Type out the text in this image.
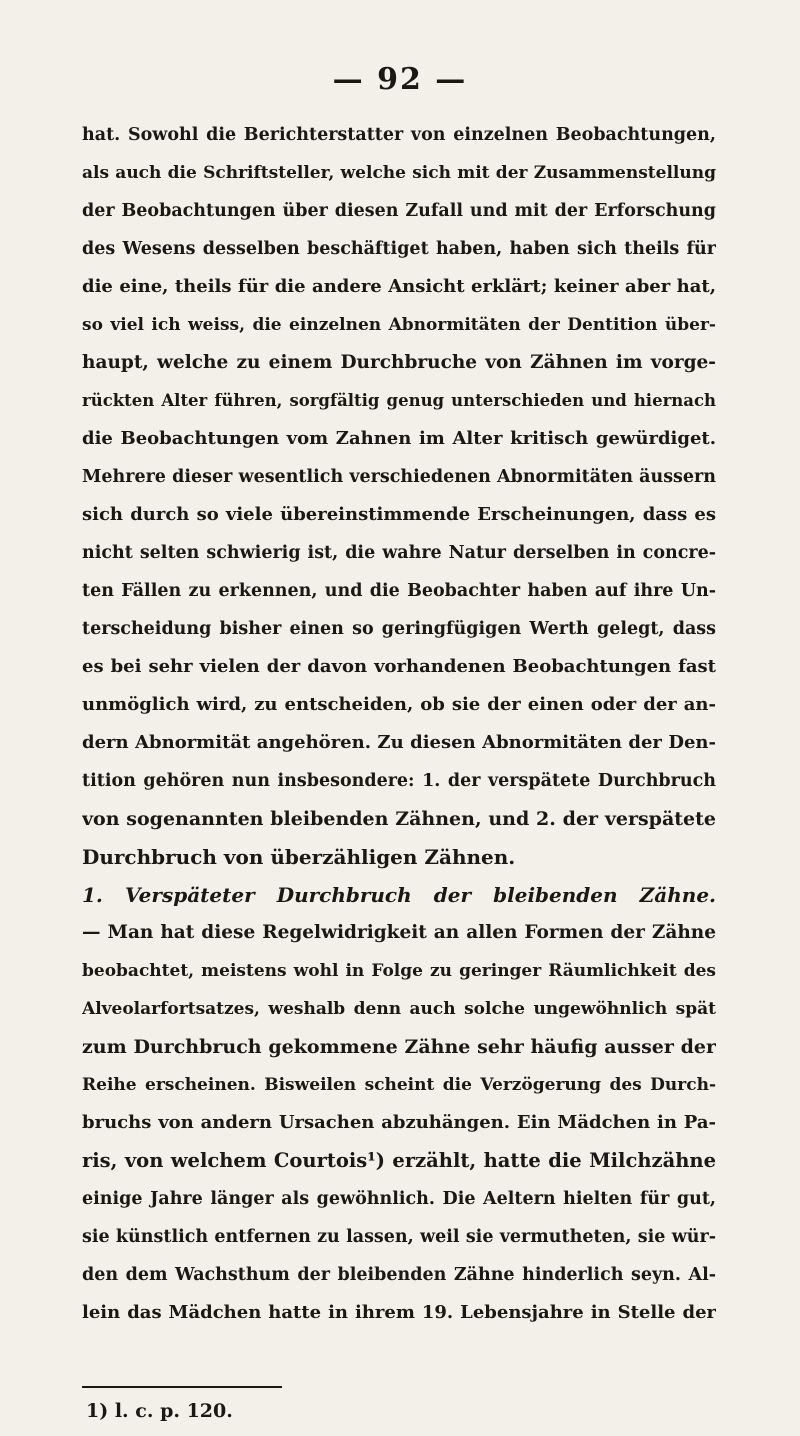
— 92 —
hat. Sowohl die Berichterstatter von einzelnen Beobachtungen,
als auch die Schriftsteller, welche sich mit der Zusammenstellung
der Beobachtungen über diesen Zufall und mit der Erforschung
des Wesens desselben beschäftiget haben, haben sich theils für
die eine, theils für die andere Ansicht erklärt; keiner aber hat,
so viel ich weiss, die einzelnen Abnormitäten der Dentition über-
haupt, welche zu einem Durchbruche von Zähnen im vorge-
rückten Alter führen, sorgfältig genug unterschieden und hiernach
die Beobachtungen vom Zahnen im Alter kritisch gewürdiget.
Mehrere dieser wesentlich verschiedenen Abnormitäten äussern
sich durch so viele übereinstimmende Erscheinungen, dass es
nicht selten schwierig ist, die wahre Natur derselben in concre-
ten Fällen zu erkennen, und die Beobachter haben auf ihre Un-
terscheidung bisher einen so geringfügigen Werth gelegt, dass
es bei sehr vielen der davon vorhandenen Beobachtungen fast
unmöglich wird, zu entscheiden, ob sie der einen oder der an-
dern Abnormität angehören. Zu diesen Abnormitäten der Den-
tition gehören nun insbesondere: 1. der verspätete Durchbruch
von sogenannten bleibenden Zähnen, und 2. der verspätete
Durchbruch von überzähligen Zähnen.
1. Verspäteter Durchbruch der bleibenden Zähne.
— Man hat diese Regelwidrigkeit an allen Formen der Zähne
beobachtet, meistens wohl in Folge zu geringer Räumlichkeit des
Alveolarfortsatzes, weshalb denn auch solche ungewöhnlich spät
zum Durchbruch gekommene Zähne sehr häufig ausser der
Reihe erscheinen. Bisweilen scheint die Verzögerung des Durch-
bruchs von andern Ursachen abzuhängen. Ein Mädchen in Pa-
ris, von welchem Courtois¹) erzählt, hatte die Milchzähne
einige Jahre länger als gewöhnlich. Die Aeltern hielten für gut,
sie künstlich entfernen zu lassen, weil sie vermutheten, sie wür-
den dem Wachsthum der bleibenden Zähne hinderlich seyn. Al-
lein das Mädchen hatte in ihrem 19. Lebensjahre in Stelle der
1) l. c. p. 120.
